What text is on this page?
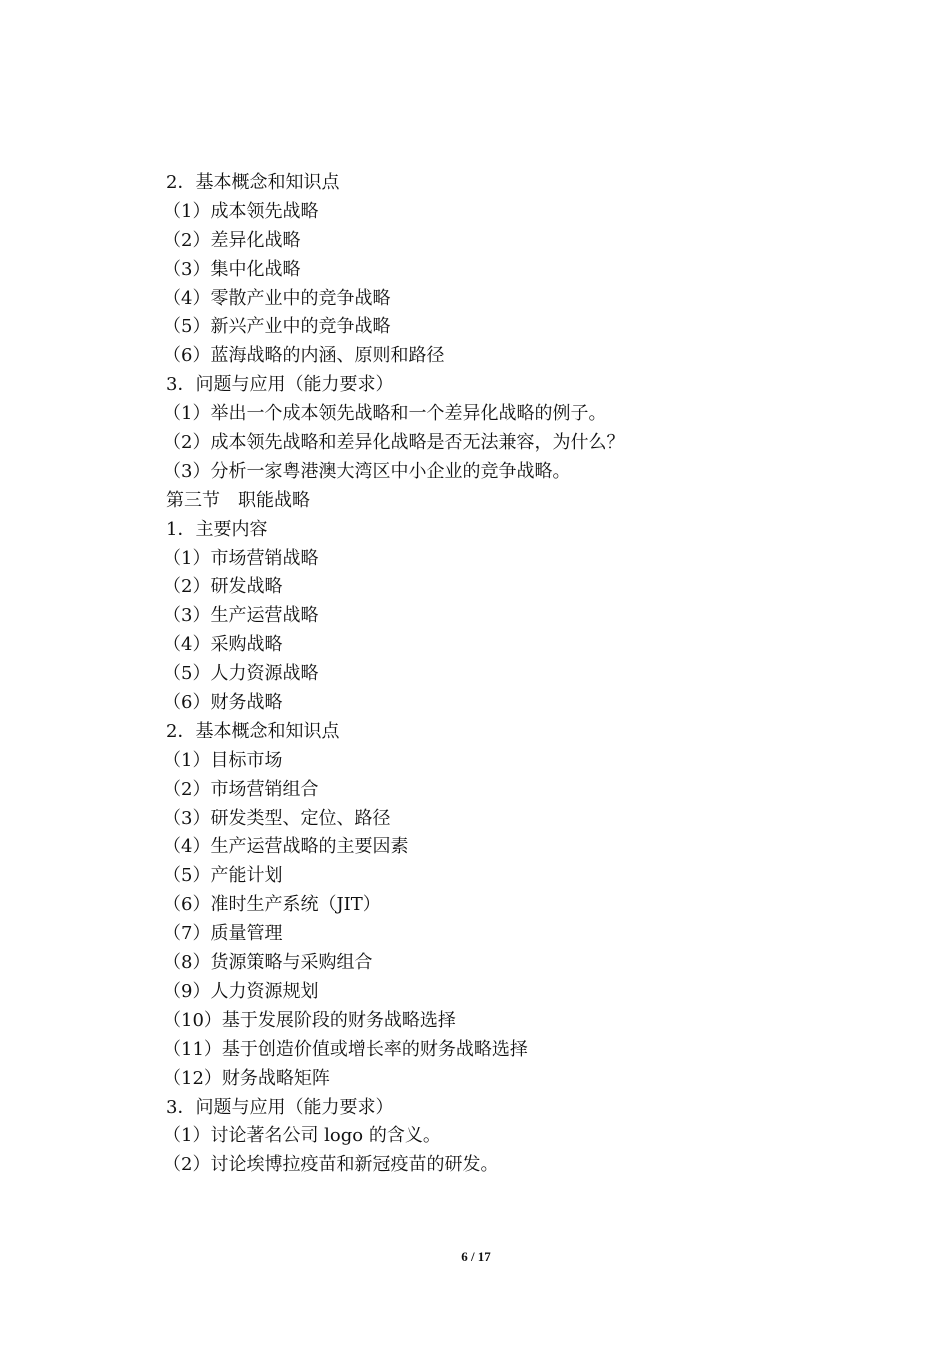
2．基本概念和知识点
（1）成本领先战略
（2）差异化战略
（3）集中化战略
（4）零散产业中的竞争战略
（5）新兴产业中的竞争战略
（6）蓝海战略的内涵、原则和路径
3．问题与应用（能力要求）
（1）举出一个成本领先战略和一个差异化战略的例子。
（2）成本领先战略和差异化战略是否无法兼容，为什么？
（3）分析一家粤港澳大湾区中小企业的竞争战略。
第三节　职能战略
1．主要内容
（1）市场营销战略
（2）研发战略
（3）生产运营战略
（4）采购战略
（5）人力资源战略
（6）财务战略
2．基本概念和知识点
（1）目标市场
（2）市场营销组合
（3）研发类型、定位、路径
（4）生产运营战略的主要因素
（5）产能计划
（6）准时生产系统（JIT）
（7）质量管理
（8）货源策略与采购组合
（9）人力资源规划
（10）基于发展阶段的财务战略选择
（11）基于创造价值或增长率的财务战略选择
（12）财务战略矩阵
3．问题与应用（能力要求）
（1）讨论著名公司 logo 的含义。
（2）讨论埃博拉疫苗和新冠疫苗的研发。
6 / 17
